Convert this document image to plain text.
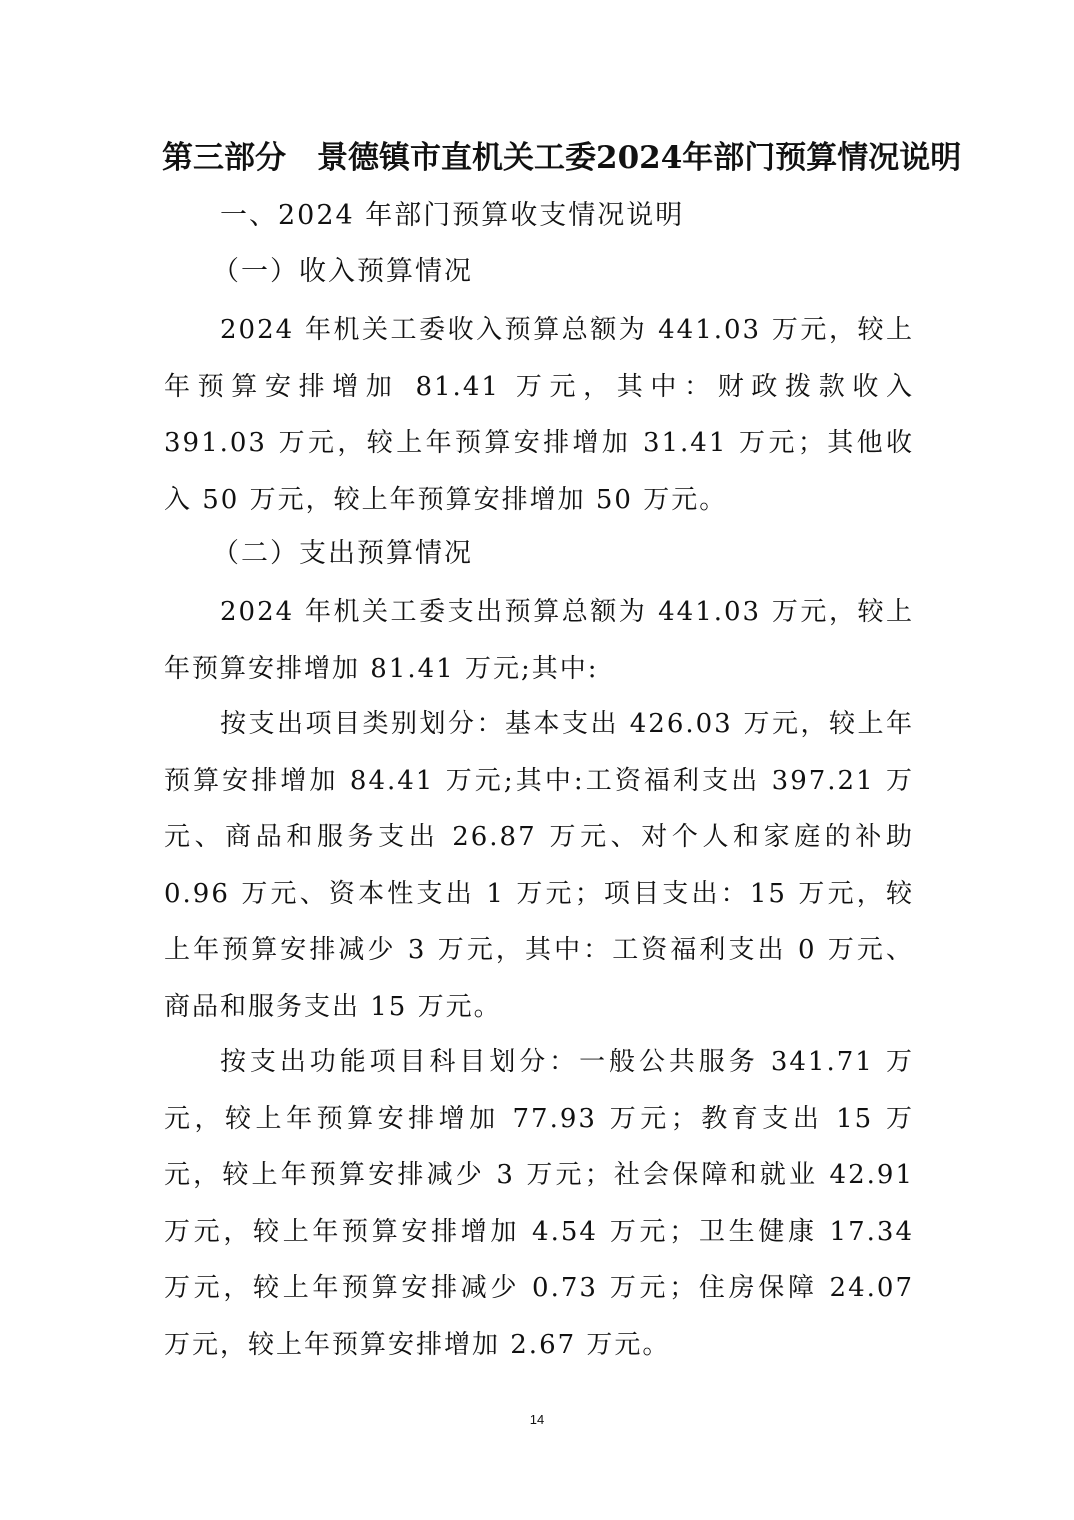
第三部分　景德镇市直机关工委2024年部门预算情况说明
一、2024 年部门预算收支情况说明
（一）收入预算情况

2024 年机关工委收入预算总额为 441.03 万元，较上年预算安排增加 81.41 万元，其中：财政拨款收入 391.03 万元，较上年预算安排增加 31.41 万元；其他收入 50 万元，较上年预算安排增加 50 万元。

（二）支出预算情况

2024 年机关工委支出预算总额为 441.03 万元，较上年预算安排增加 81.41 万元;其中:

按支出项目类别划分：基本支出 426.03 万元，较上年预算安排增加 84.41 万元;其中:工资福利支出 397.21 万元、商品和服务支出 26.87 万元、对个人和家庭的补助 0.96 万元、资本性支出 1 万元；项目支出：15 万元，较上年预算安排减少 3 万元，其中：工资福利支出 0 万元、商品和服务支出 15 万元。

按支出功能项目科目划分：一般公共服务 341.71 万元，较上年预算安排增加 77.93 万元；教育支出 15 万元，较上年预算安排减少 3 万元；社会保障和就业 42.91 万元，较上年预算安排增加 4.54 万元；卫生健康 17.34 万元，较上年预算安排减少 0.73 万元；住房保障 24.07 万元，较上年预算安排增加 2.67 万元。

14
